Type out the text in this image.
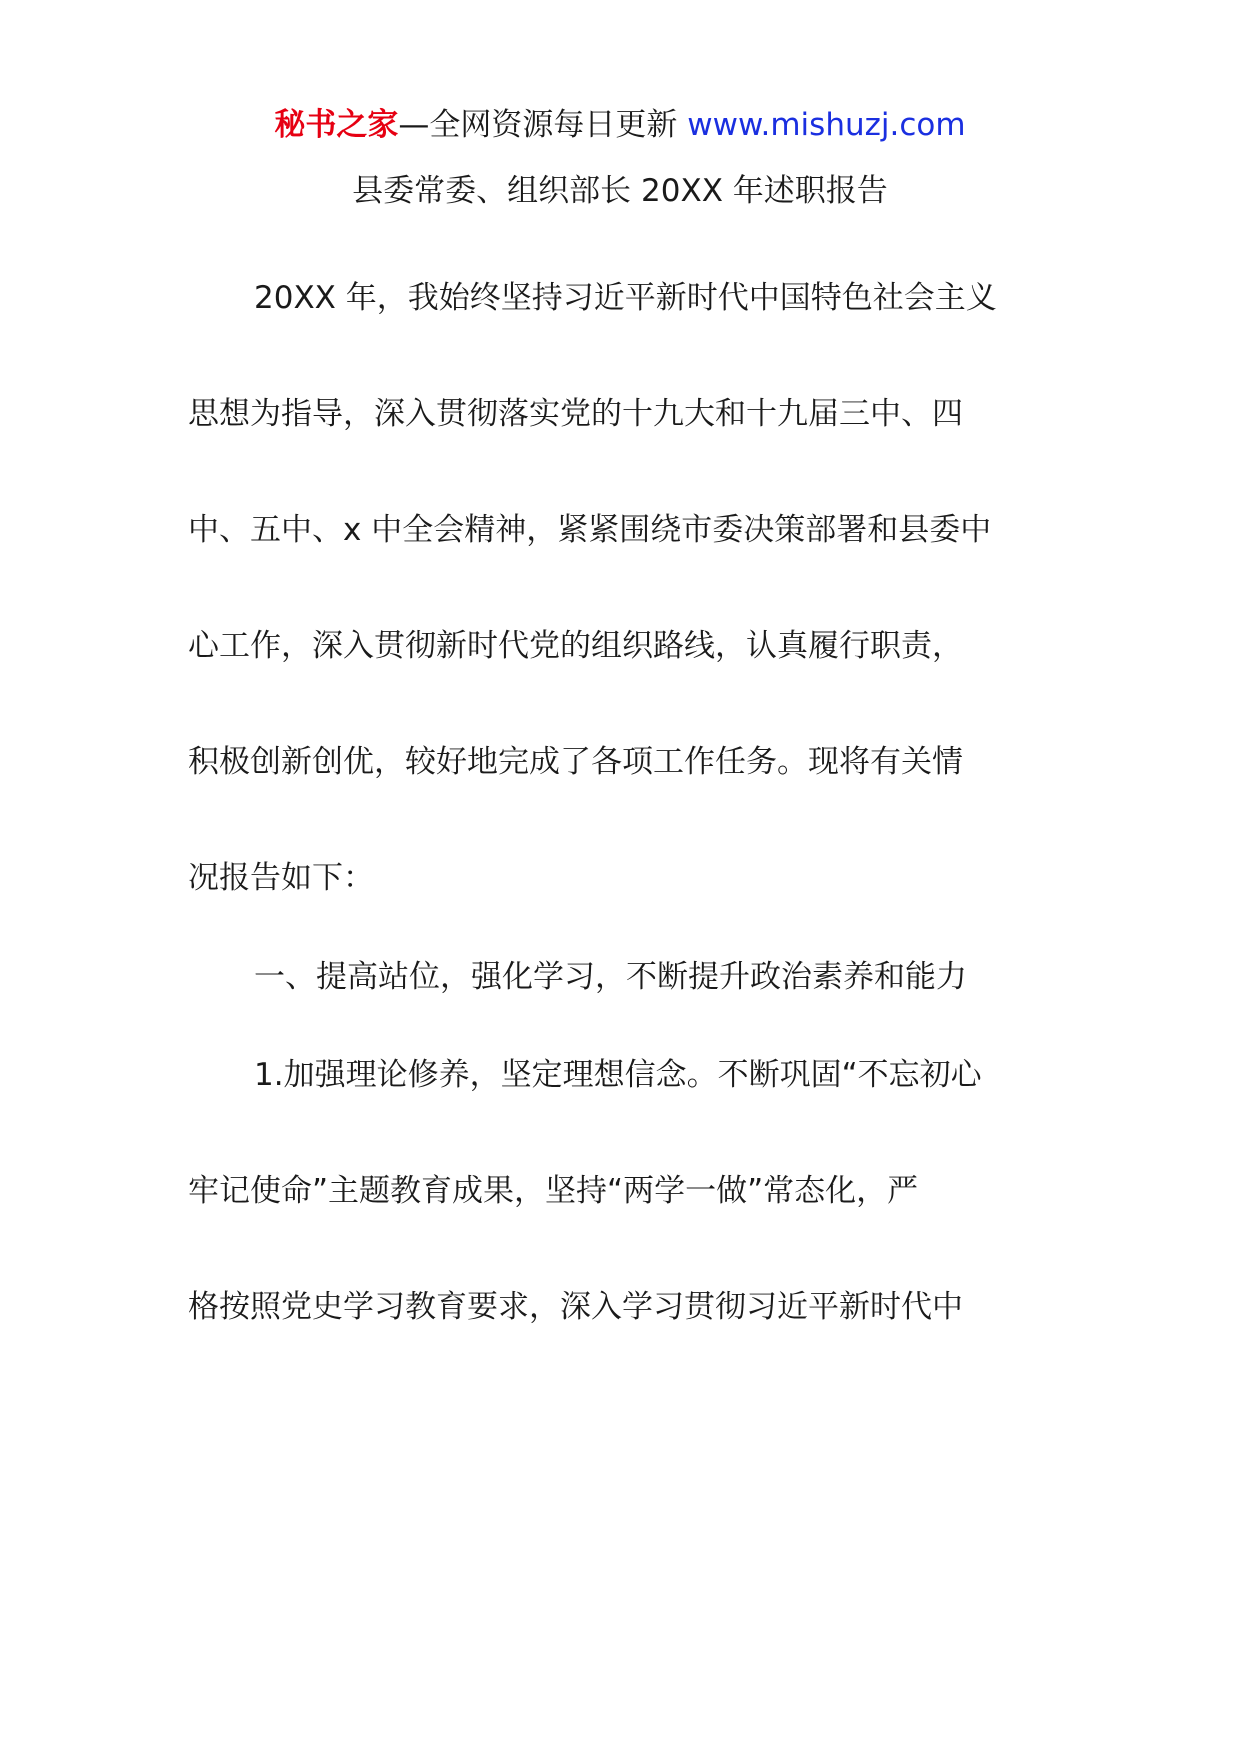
秘书之家—全网资源每日更新 www.mishuzj.com
县委常委、组织部长 20XX 年述职报告
20XX 年，我始终坚持习近平新时代中国特色社会主义
思想为指导，深入贯彻落实党的十九大和十九届三中、四
中、五中、x 中全会精神，紧紧围绕市委决策部署和县委中
心工作，深入贯彻新时代党的组织路线，认真履行职责，
积极创新创优，较好地完成了各项工作任务。现将有关情
况报告如下：
一、提高站位，强化学习，不断提升政治素养和能力
1.加强理论修养，坚定理想信念。不断巩固“不忘初心
牢记使命”主题教育成果，坚持“两学一做”常态化，严
格按照党史学习教育要求，深入学习贯彻习近平新时代中
